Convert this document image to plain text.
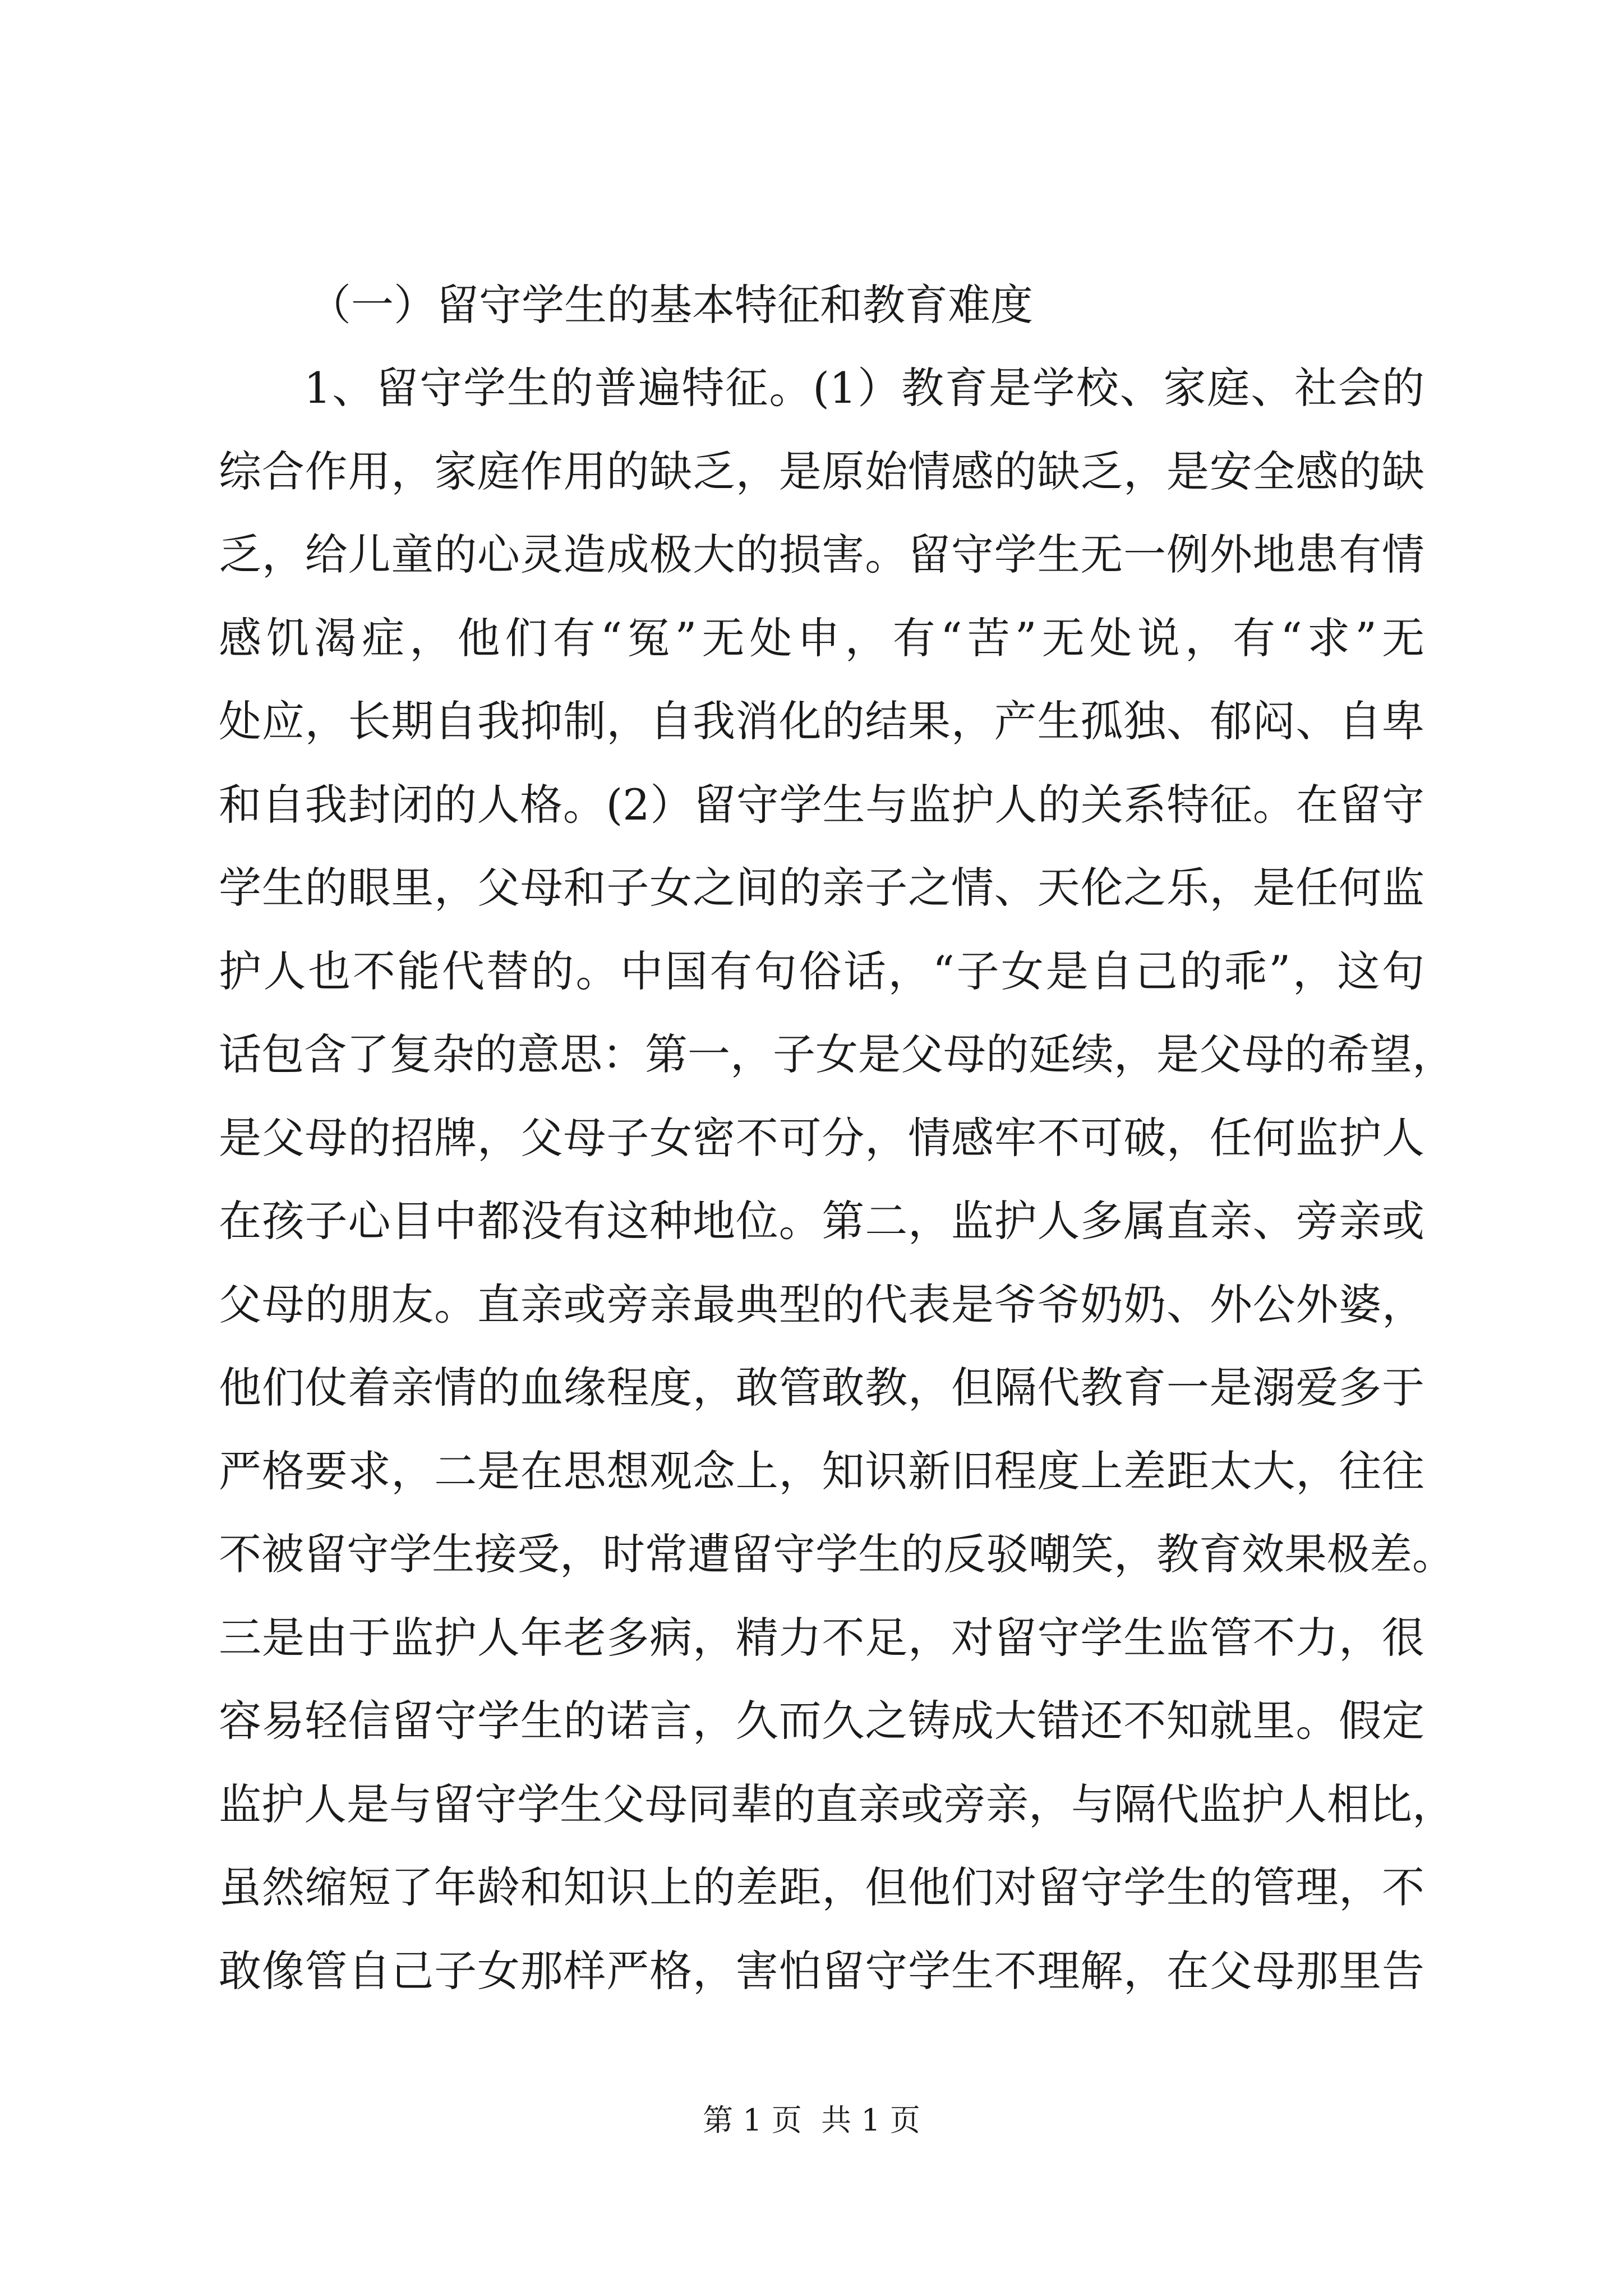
（一）留守学生的基本特征和教育难度
1、留守学生的普遍特征。(1）教育是学校、家庭、社会的
综合作用，家庭作用的缺乏，是原始情感的缺乏，是安全感的缺
乏，给儿童的心灵造成极大的损害。留守学生无一例外地患有情
感饥渴症，他们有“冤”无处申，有“苦”无处说，有“求”无
处应，长期自我抑制，自我消化的结果，产生孤独、郁闷、自卑
和自我封闭的人格。(2）留守学生与监护人的关系特征。在留守
学生的眼里，父母和子女之间的亲子之情、天伦之乐，是任何监
护人也不能代替的。中国有句俗话，“子女是自己的乖”，这句
话包含了复杂的意思：第一，子女是父母的延续，是父母的希望，
是父母的招牌，父母子女密不可分，情感牢不可破，任何监护人
在孩子心目中都没有这种地位。第二，监护人多属直亲、旁亲或
父母的朋友。直亲或旁亲最典型的代表是爷爷奶奶、外公外婆，
他们仗着亲情的血缘程度，敢管敢教，但隔代教育一是溺爱多于
严格要求，二是在思想观念上，知识新旧程度上差距太大，往往
不被留守学生接受，时常遭留守学生的反驳嘲笑，教育效果极差。
三是由于监护人年老多病，精力不足，对留守学生监管不力，很
容易轻信留守学生的诺言，久而久之铸成大错还不知就里。假定
监护人是与留守学生父母同辈的直亲或旁亲，与隔代监护人相比，
虽然缩短了年龄和知识上的差距，但他们对留守学生的管理，不
敢像管自己子女那样严格，害怕留守学生不理解，在父母那里告
第 1 页  共 1 页
